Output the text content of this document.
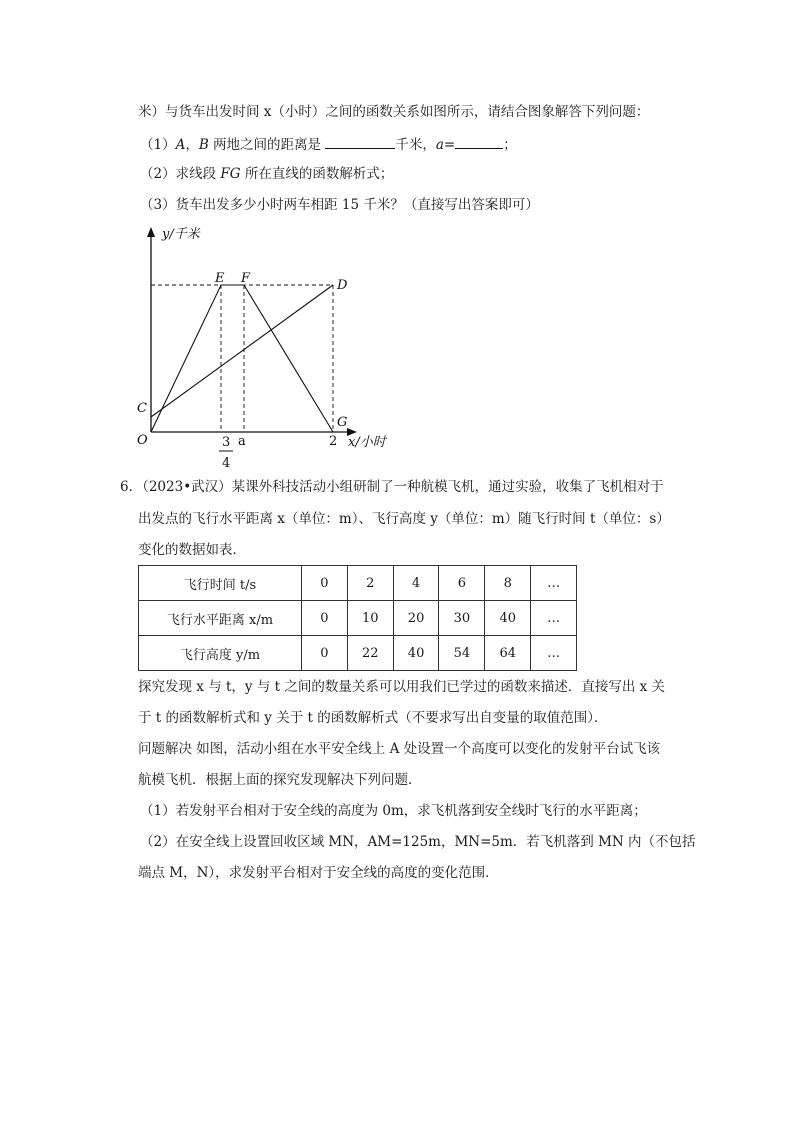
米）与货车出发时间 x（小时）之间的函数关系如图所示，请结合图象解答下列问题：
（1）A，B 两地之间的距离是	千米，a=	；
（2）求线段 FG 所在直线的函数解析式；
（3）货车出发多少小时两车相距 15 千米？（直接写出答案即可）
y/千米
x/小时
O
E F	D
C
G
3
4
a	2
6．（2023•武汉）某课外科技活动小组研制了一种航模飞机，通过实验，收集了飞机相对于
出发点的飞行水平距离 x（单位：m）、飞行高度 y（单位：m）随飞行时间 t（单位：s）
变化的数据如表．
飞行时间 t/s	0	2	4	6	8	…
飞行水平距离 x/m	0	10	20	30	40	…
飞行高度 y/m	0	22	40	54	64	…
探究发现 x 与 t，y 与 t 之间的数量关系可以用我们已学过的函数来描述．直接写出 x 关
于 t 的函数解析式和 y 关于 t 的函数解析式（不要求写出自变量的取值范围）．
问题解决 如图，活动小组在水平安全线上 A 处设置一个高度可以变化的发射平台试飞该
航模飞机．根据上面的探究发现解决下列问题．
（1）若发射平台相对于安全线的高度为 0m，求飞机落到安全线时飞行的水平距离；
（2）在安全线上设置回收区域 MN，AM=125m，MN=5m．若飞机落到 MN 内（不包括
端点 M，N），求发射平台相对于安全线的高度的变化范围．
